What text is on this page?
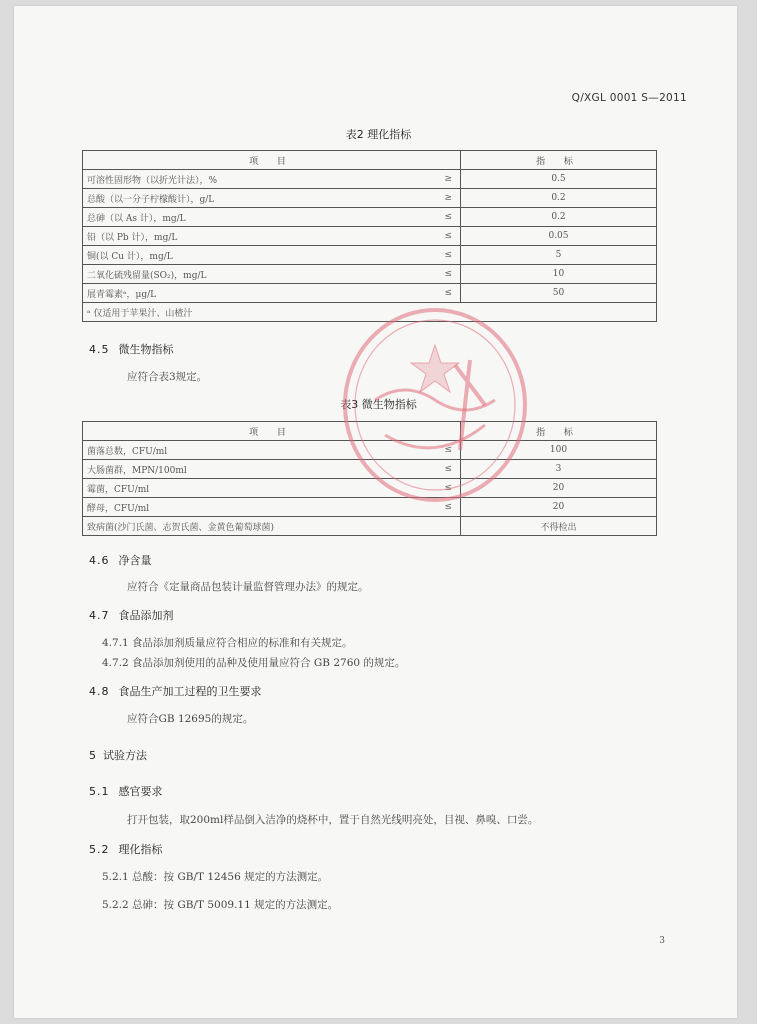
Q/XGL 0001 S—2011
表2 理化指标
项 目		指 标
可溶性固形物（以折光计法），%	≥	0.5
总酸（以一分子柠檬酸计），g/L	≥	0.2
总砷（以 As 计），mg/L	≤	0.2
铅（以 Pb 计），mg/L	≤	0.05
铜(以 Cu 计），mg/L	≤	5
二氧化硫残留量(SO₂)，mg/L	≤	10
展青霉素ᵃ，μg/L	≤	50
ᵃ 仅适用于苹果汁、山楂汁		
4.5 微生物指标
应符合表3规定。
表3 微生物指标
项 目		指 标
菌落总数，CFU/ml	≤	100
大肠菌群，MPN/100ml	≤	3
霉菌，CFU/ml	≤	20
酵母，CFU/ml	≤	20
致病菌(沙门氏菌、志贺氏菌、金黄色葡萄球菌)		不得检出
4.6 净含量
应符合《定量商品包装计量监督管理办法》的规定。
4.7 食品添加剂
4.7.1 食品添加剂质量应符合相应的标准和有关规定。
4.7.2 食品添加剂使用的品种及使用量应符合 GB 2760 的规定。
4.8 食品生产加工过程的卫生要求
应符合GB 12695的规定。
5 试验方法
5.1 感官要求
打开包装，取200ml样品倒入洁净的烧杯中，置于自然光线明亮处，目视、鼻嗅、口尝。
5.2 理化指标
5.2.1 总酸：按 GB/T 12456 规定的方法测定。
5.2.2 总砷：按 GB/T 5009.11 规定的方法测定。
3
